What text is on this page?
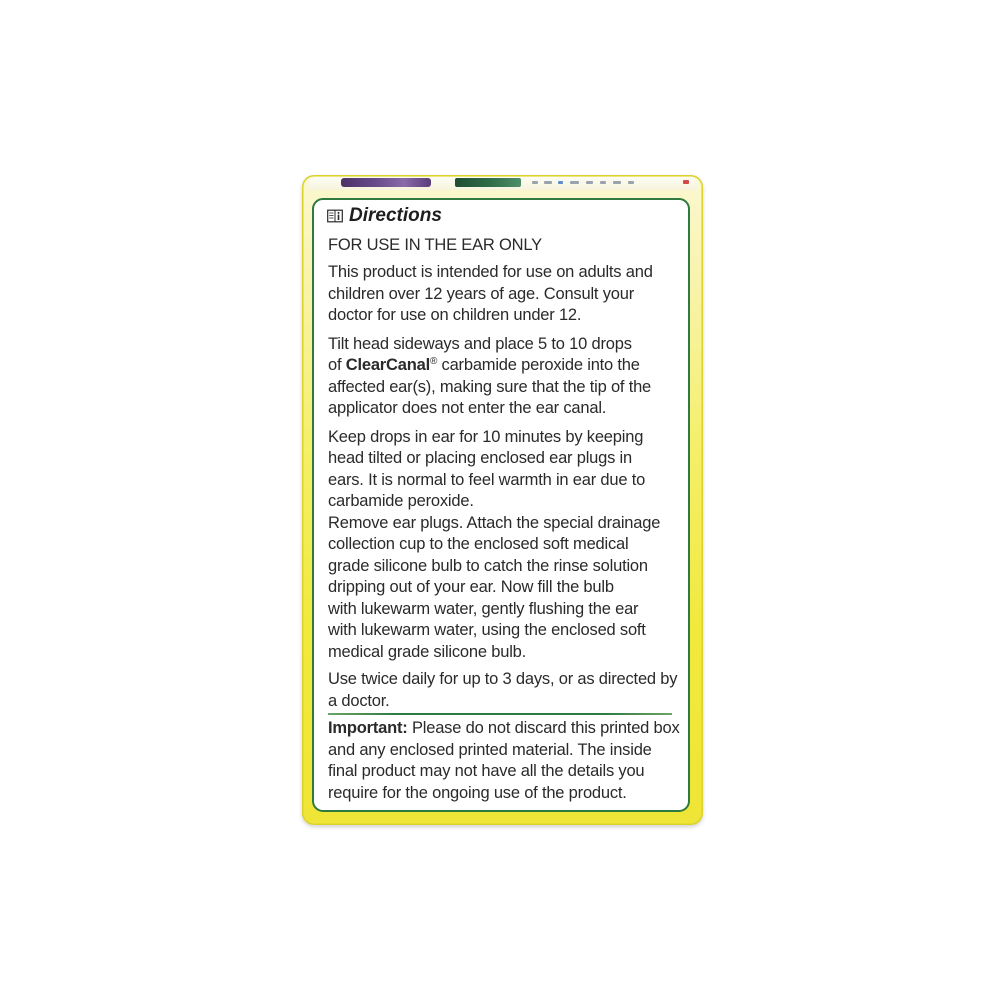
Directions
FOR USE IN THE EAR ONLY
This product is intended for use on adults and
children over 12 years of age. Consult your
doctor for use on children under 12.
Tilt head sideways and place 5 to 10 drops
of ClearCanal® carbamide peroxide into the
affected ear(s), making sure that the tip of the
applicator does not enter the ear canal.
Keep drops in ear for 10 minutes by keeping
head tilted or placing enclosed ear plugs in
ears. It is normal to feel warmth in ear due to
carbamide peroxide.
Remove ear plugs. Attach the special drainage
collection cup to the enclosed soft medical
grade silicone bulb to catch the rinse solution
dripping out of your ear. Now fill the bulb
with lukewarm water, gently flushing the ear
with lukewarm water, using the enclosed soft
medical grade silicone bulb.
Use twice daily for up to 3 days, or as directed by
a doctor.
Important: Please do not discard this printed box
and any enclosed printed material. The inside
final product may not have all the details you
require for the ongoing use of the product.
